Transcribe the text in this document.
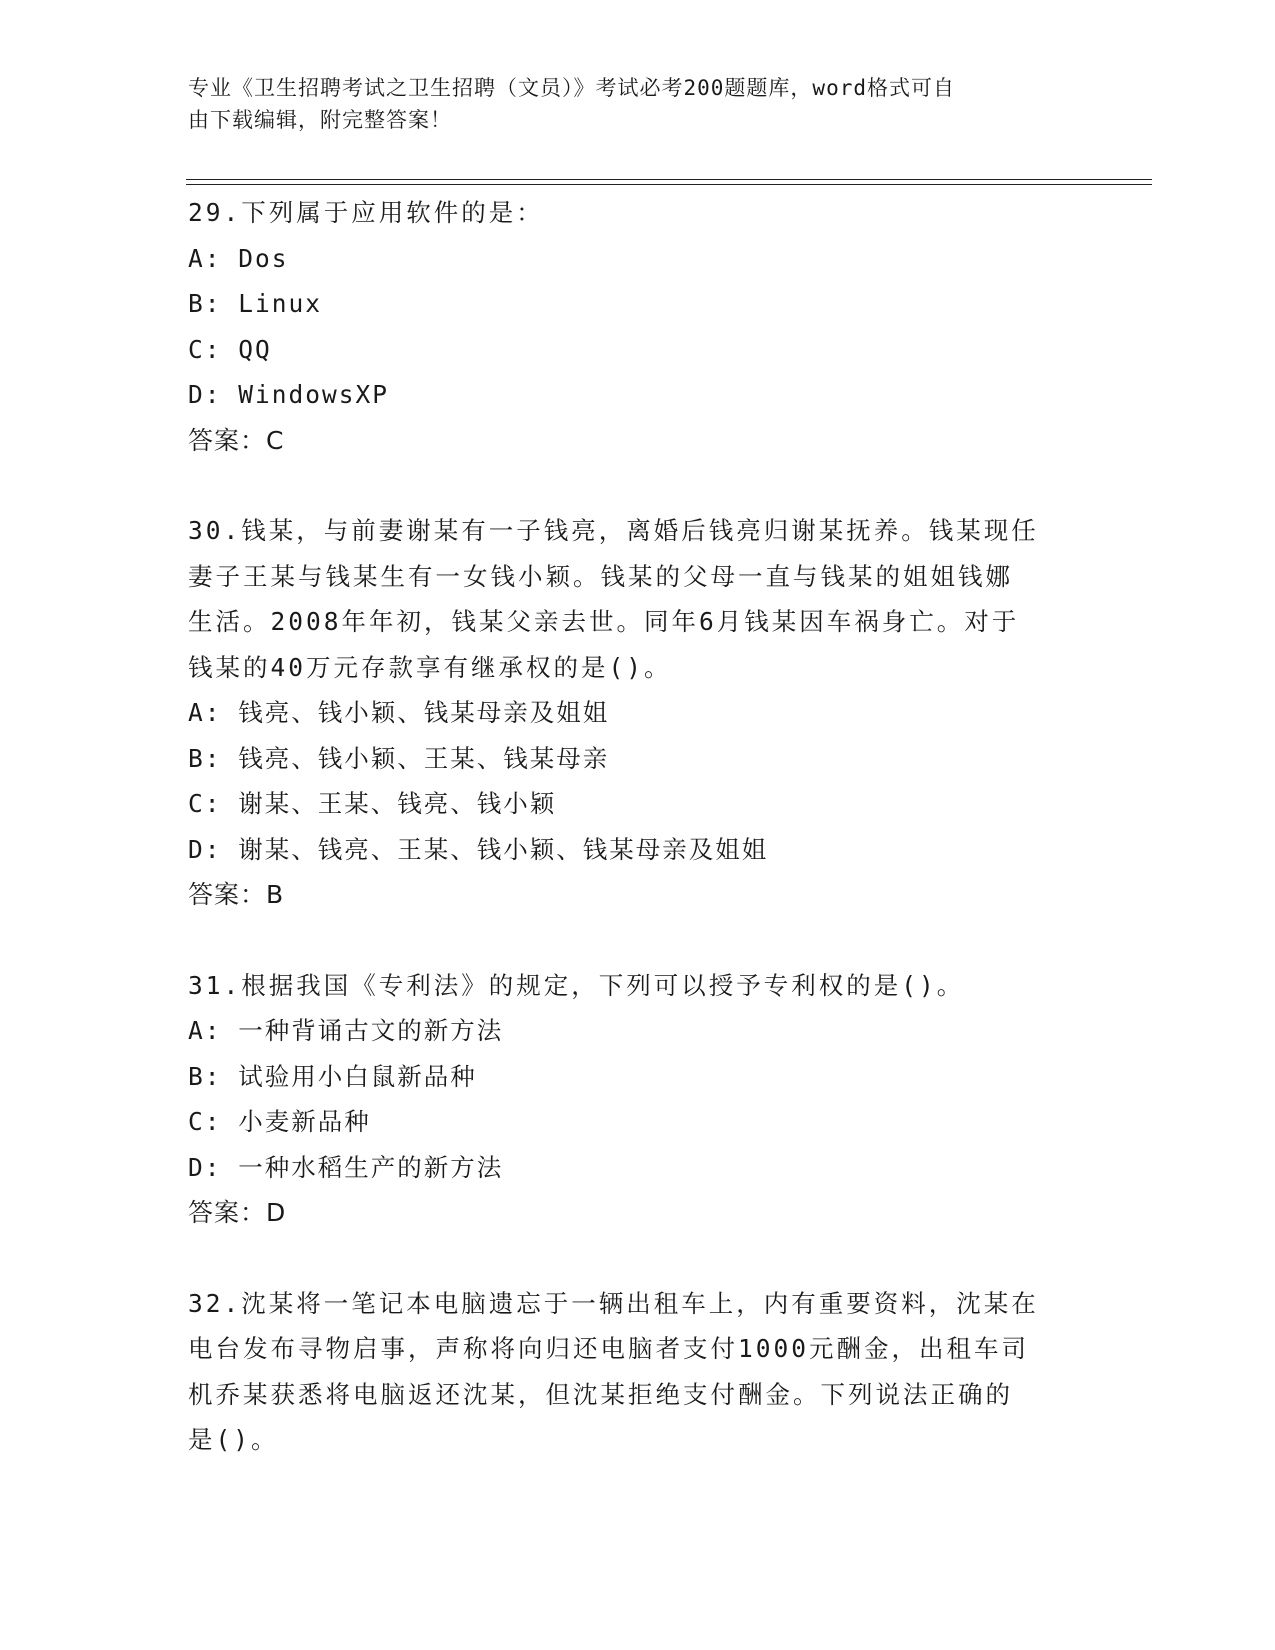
专业《卫生招聘考试之卫生招聘（文员）》考试必考200题题库，word格式可自
由下载编辑，附完整答案！
29.下列属于应用软件的是：
A: Dos
B: Linux
C: QQ
D: WindowsXP
答案：C
30.钱某，与前妻谢某有一子钱亮，离婚后钱亮归谢某抚养。钱某现任
妻子王某与钱某生有一女钱小颖。钱某的父母一直与钱某的姐姐钱娜
生活。2008年年初，钱某父亲去世。同年6月钱某因车祸身亡。对于
钱某的40万元存款享有继承权的是()。
A: 钱亮、钱小颖、钱某母亲及姐姐
B: 钱亮、钱小颖、王某、钱某母亲
C: 谢某、王某、钱亮、钱小颖
D: 谢某、钱亮、王某、钱小颖、钱某母亲及姐姐
答案：B
31.根据我国《专利法》的规定，下列可以授予专利权的是()。
A: 一种背诵古文的新方法
B: 试验用小白鼠新品种
C: 小麦新品种
D: 一种水稻生产的新方法
答案：D
32.沈某将一笔记本电脑遗忘于一辆出租车上，内有重要资料，沈某在
电台发布寻物启事，声称将向归还电脑者支付1000元酬金，出租车司
机乔某获悉将电脑返还沈某，但沈某拒绝支付酬金。下列说法正确的
是()。
